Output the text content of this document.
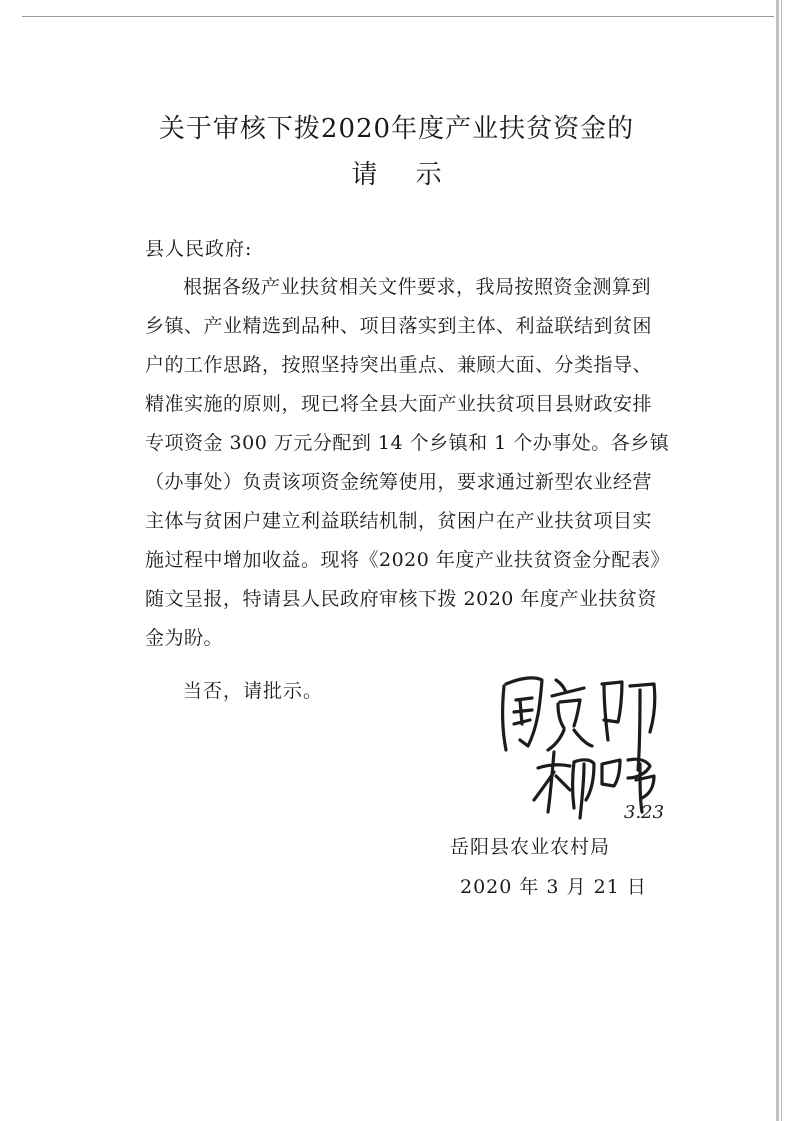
关于审核下拨2020年度产业扶贫资金的
请 示
县人民政府:
根据各级产业扶贫相关文件要求，我局按照资金测算到
乡镇、产业精选到品种、项目落实到主体、利益联结到贫困
户的工作思路，按照坚持突出重点、兼顾大面、分类指导、
精准实施的原则，现已将全县大面产业扶贫项目县财政安排
专项资金 300 万元分配到 14 个乡镇和 1 个办事处。各乡镇
（办事处）负责该项资金统筹使用，要求通过新型农业经营
主体与贫困户建立利益联结机制，贫困户在产业扶贫项目实
施过程中增加收益。现将《2020 年度产业扶贫资金分配表》
随文呈报，特请县人民政府审核下拨 2020 年度产业扶贫资
金为盼。
当否，请批示。
3.23
岳阳县农业农村局
2020 年 3 月 21 日
